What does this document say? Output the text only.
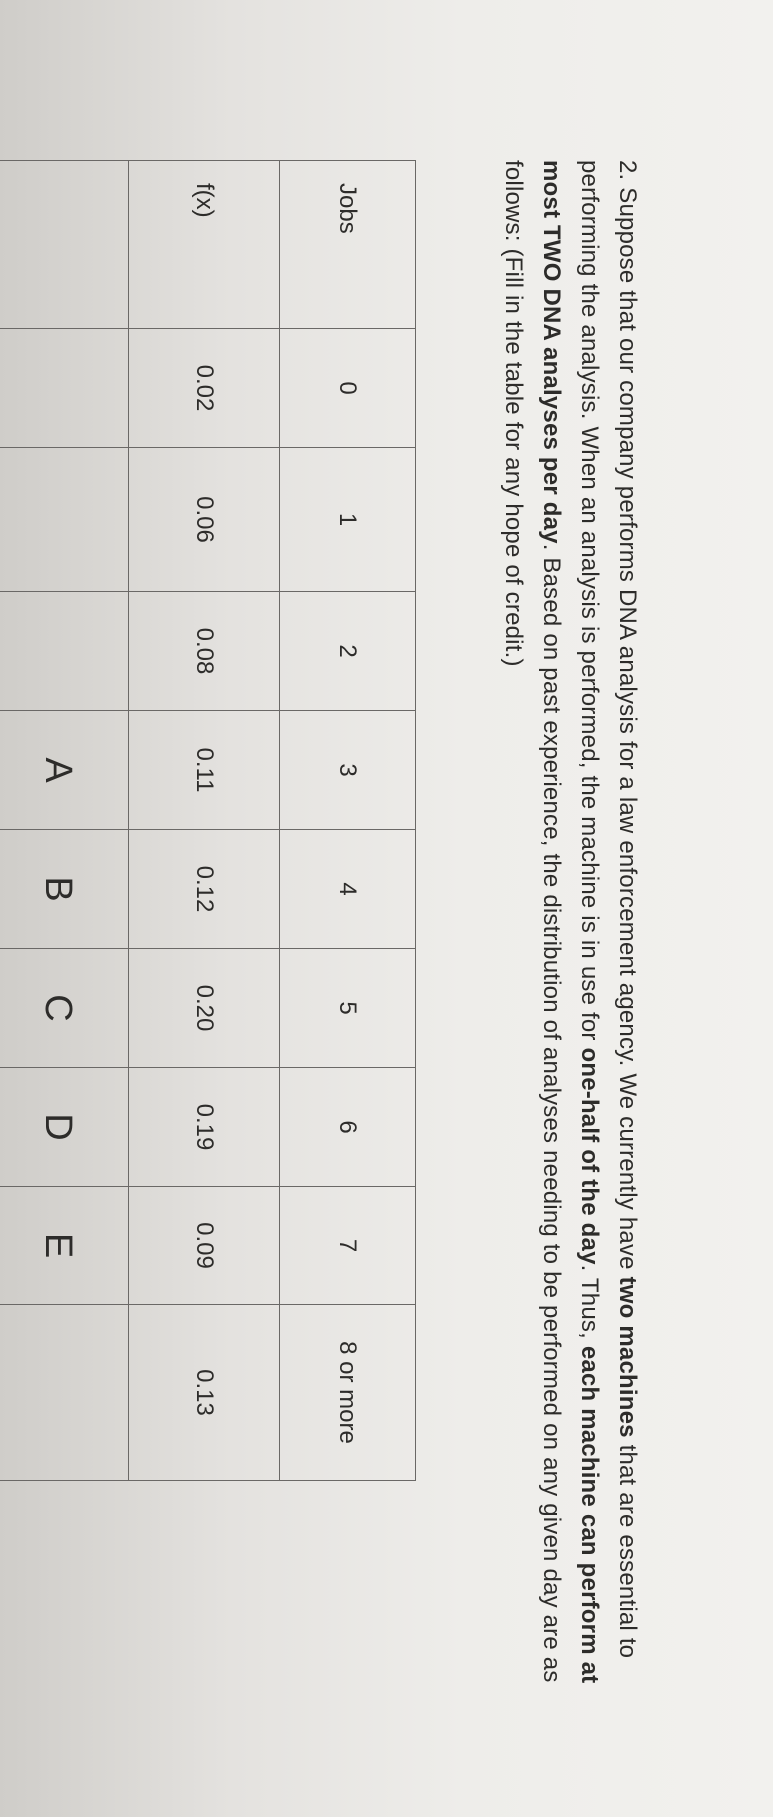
2. Suppose that our company performs DNA analysis for a law enforcement agency. We currently have two machines that are essential to performing the analysis. When an analysis is performed, the machine is in use for one-half of the day. Thus, each machine can perform at most TWO DNA analyses per day. Based on past experience, the distribution of analyses needing to be performed on any given day are as follows: (Fill in the table for any hope of credit.)

Jobs	0	1	2	3	4	5	6	7	8 or more
f(x)	0.02	0.06	0.08	0.11	0.12	0.20	0.19	0.09	0.13
				A	B	C	D	E	
